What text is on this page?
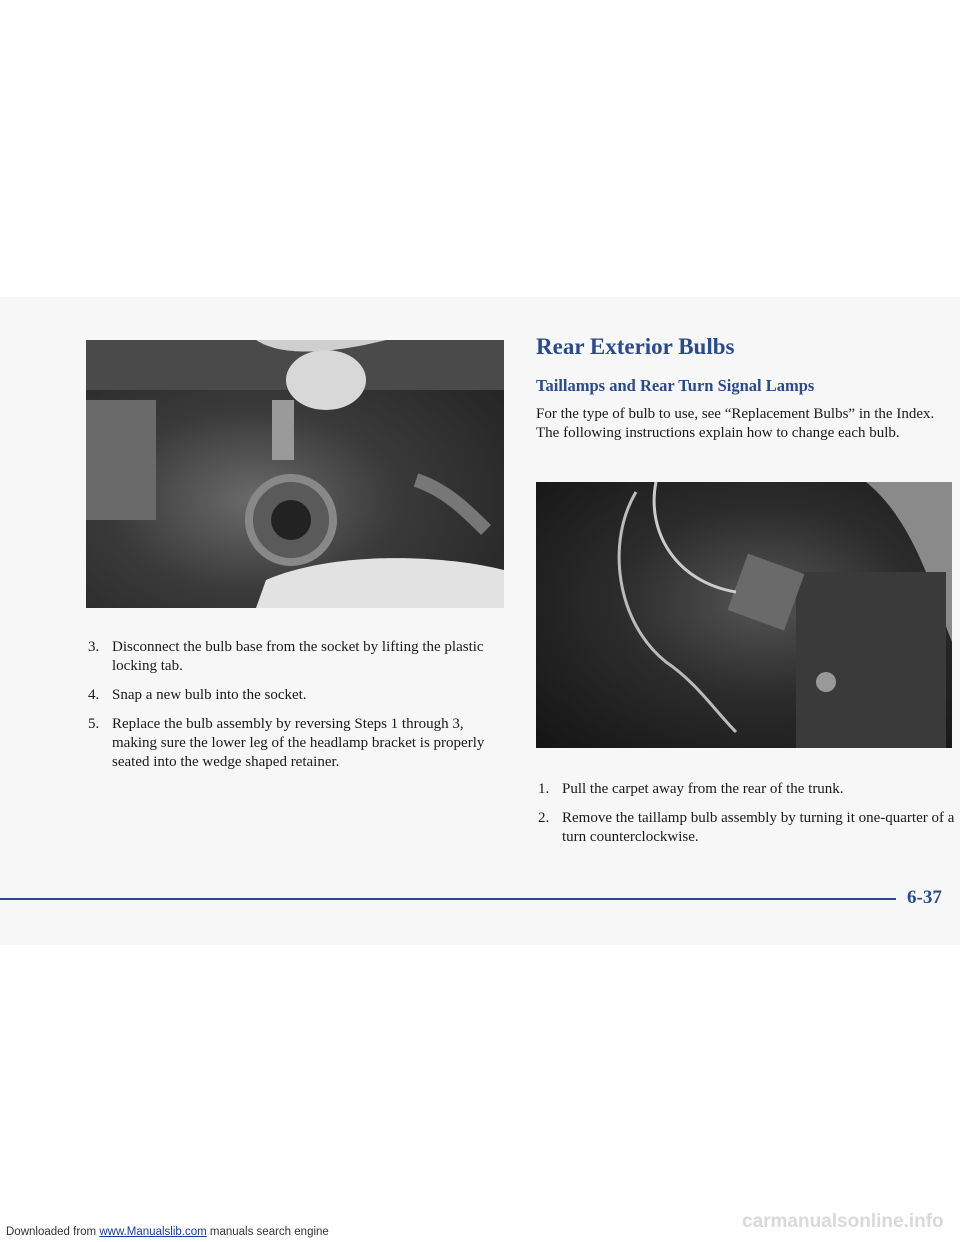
Rear Exterior Bulbs
Taillamps and Rear Turn Signal Lamps

For the type of bulb to use, see “Replacement Bulbs” in the Index. The following instructions explain how to change each bulb.

3. Disconnect the bulb base from the socket by lifting the plastic locking tab.
4. Snap a new bulb into the socket.
5. Replace the bulb assembly by reversing Steps 1 through 3, making sure the lower leg of the headlamp bracket is properly seated into the wedge shaped retainer.
1. Pull the carpet away from the rear of the trunk.
2. Remove the taillamp bulb assembly by turning it one-quarter of a turn counterclockwise.
6-37
Downloaded from www.Manualslib.com manuals search engine	carmanualsonline.info
